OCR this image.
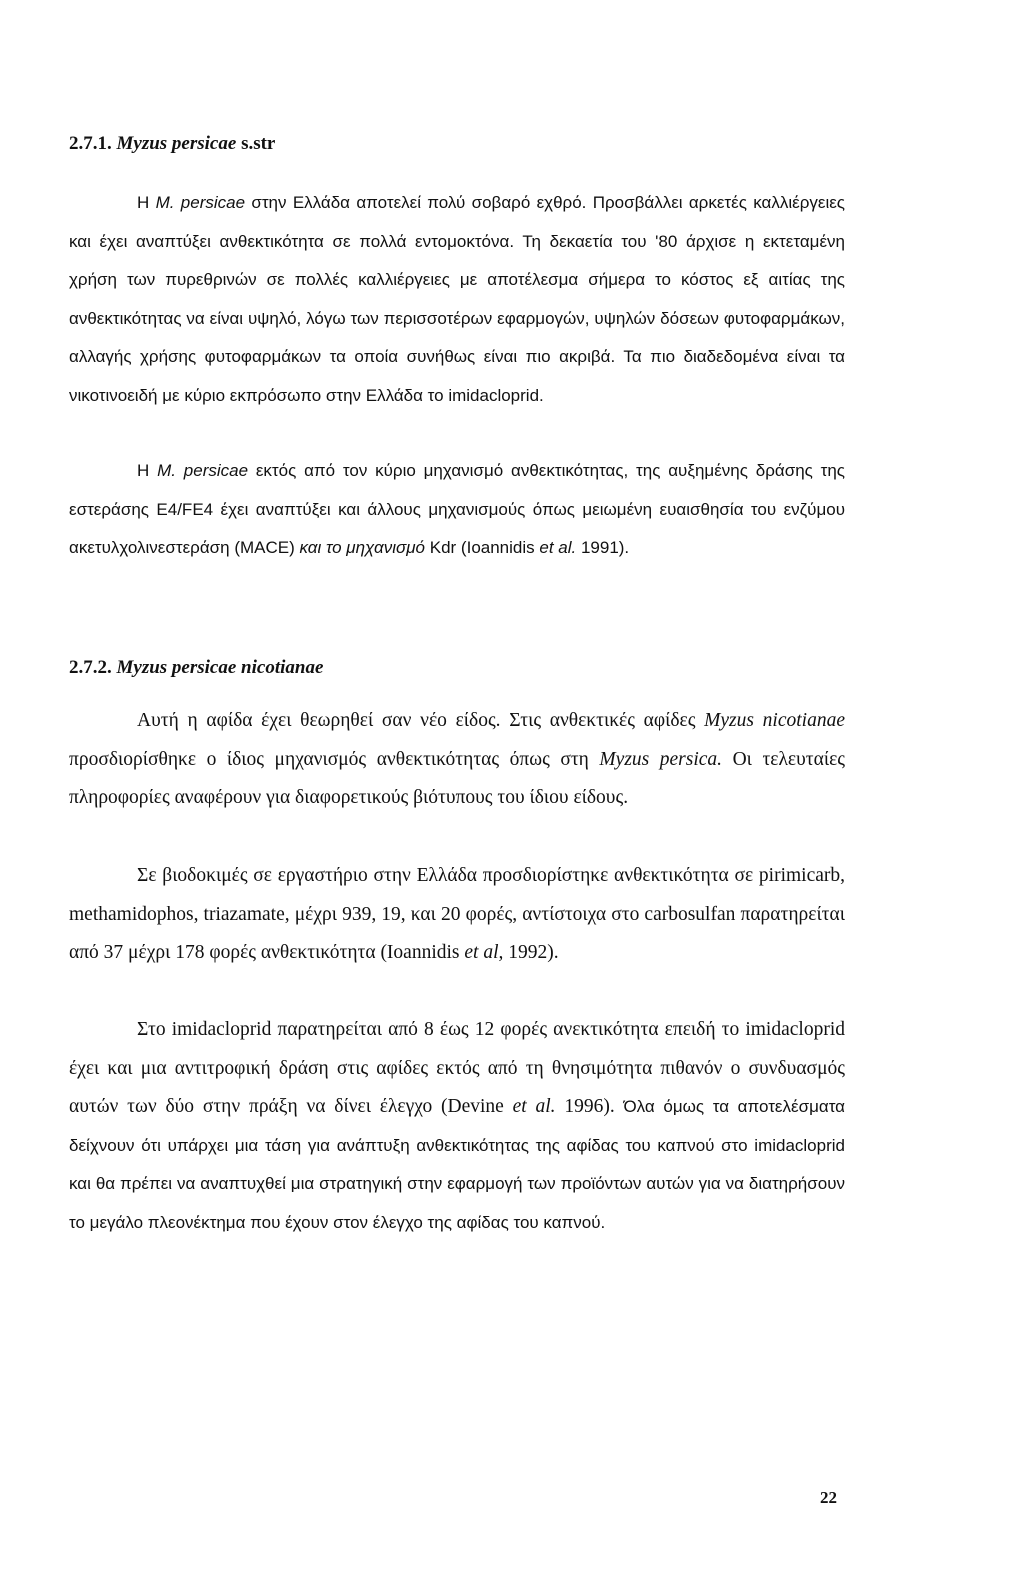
2.7.1. Myzus persicae s.str

Η M. persicae στην Ελλάδα αποτελεί πολύ σοβαρό εχθρό. Προσβάλλει αρκετές καλλιέργειες και έχει αναπτύξει ανθεκτικότητα σε πολλά εντομοκτόνα. Τη δεκαετία του '80 άρχισε η εκτεταμένη χρήση των πυρεθρινών σε πολλές καλλιέργειες με αποτέλεσμα σήμερα το κόστος εξ αιτίας της ανθεκτικότητας να είναι υψηλό, λόγω των περισσοτέρων εφαρμογών, υψηλών δόσεων φυτοφαρμάκων, αλλαγής χρήσης φυτοφαρμάκων τα οποία συνήθως είναι πιο ακριβά. Τα πιο διαδεδομένα είναι τα νικοτινοειδή με κύριο εκπρόσωπο στην Ελλάδα το imidacloprid.

Η M. persicae εκτός από τον κύριο μηχανισμό ανθεκτικότητας, της αυξημένης δράσης της εστεράσης E4/FE4 έχει αναπτύξει και άλλους μηχανισμούς όπως μειωμένη ευαισθησία του ενζύμου ακετυλχολινεστεράση (MACE) και το μηχανισμό Kdr (Ioannidis et al. 1991).

2.7.2. Myzus persicae nicotianae

Αυτή η αφίδα έχει θεωρηθεί σαν νέο είδος. Στις ανθεκτικές αφίδες Myzus nicotianae προσδιορίσθηκε ο ίδιος μηχανισμός ανθεκτικότητας όπως στη Myzus persica. Οι τελευταίες πληροφορίες αναφέρουν για διαφορετικούς βιότυπους του ίδιου είδους.

Σε βιοδοκιμές σε εργαστήριο στην Ελλάδα προσδιορίστηκε ανθεκτικότητα σε pirimicarb, methamidophos, triazamate, μέχρι 939, 19, και 20 φορές, αντίστοιχα στο carbosulfan παρατηρείται από 37 μέχρι 178 φορές ανθεκτικότητα (Ioannidis et al, 1992).

Στο imidacloprid παρατηρείται από 8 έως 12 φορές ανεκτικότητα επειδή το imidacloprid έχει και μια αντιτροφική δράση στις αφίδες εκτός από τη θνησιμότητα πιθανόν ο συνδυασμός αυτών των δύο στην πράξη να δίνει έλεγχο (Devine et al. 1996). Όλα όμως τα αποτελέσματα δείχνουν ότι υπάρχει μια τάση για ανάπτυξη ανθεκτικότητας της αφίδας του καπνού στο imidacloprid και θα πρέπει να αναπτυχθεί μια στρατηγική στην εφαρμογή των προϊόντων αυτών για να διατηρήσουν το μεγάλο πλεονέκτημα που έχουν στον έλεγχο της αφίδας του καπνού.

22
